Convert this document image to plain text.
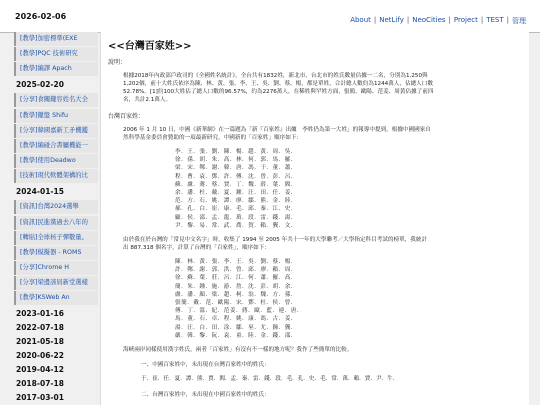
2026-02-06	About | NetLify | NeoCities | Project | TEST | 管理
[教學]加密標準(EXE
[教學]PQC 技術研究
[教學]編譯 Apach
2025-02-20
[分享]食關鍵容姓名大全
[教學]鍵盤 Shifu
[分享]韓國嘉新工矛機鑑
[教學]編碰合書屬機能一
[教學]使用Deadwo
[技術]現代軟體架構的比
2024-01-15
[資訊]台灣2024選舉
[資訊]民進黨過去八年的
[轉貼]全球核子彈數量。
[教學]模擬器 - ROMS
[分享]Chrome H
[分享]梁邊該屆新堂選樣
[教學]KSWeb An
2023-01-16
2022-07-18
2021-05-18
2020-06-22
2019-04-12
2018-07-18
2017-03-01
<<台灣百家姓>>
說明：
根據2018年內政部戶政司的《全國姓名統計》，全台共有1832姓，新北市，台北市的姓氏數量佔據一二名，分別為1,250與
1,202個，前十大姓氏依序為陳、林、黃、張、李、王、吳、劉、蔡、楊，都是單姓，合計總人數約為1244萬人，佔總人口數
52.78%。[1]約100大姓佔了總人口數的96.57%，約為2276萬人，在稀姓與罕姓方面，張簡、歐陽、范姜、周黃佔據了前四
名，共計2.1萬人。
台灣百家姓：
2006 年 1 月 10 日，中國《新華網》在一篇題為「新『百家姓』出爐　李姓仍為第一大姓」的報導中提到，根據中國國家自
然科學基金委員會贊助的一項最新研究，中國新的「百家姓」順序如下：
李．王．張．劉．陳．楊．趙．黃．周．吳．
徐．孫．胡．朱．高．林．何．郭．馬．羅．
梁．宋．鄭．謝．韓．唐．馮．于．董．蕭．
程．曹．袁．鄧．許．傅．沈．曾．彭．呂．
蘇．盧．蔣．蔡．賈．丁．魏．薛．葉．閻．
余．潘．杜．戴．夏．鍾．汪．田．任．姜．
范．方．石．姚．譚．廖．鄒．熊．金．陸．
郝．孔．白．崔．康．毛．邱．秦．江．史．
顧．侯．邵．孟．龍．萬．段．雷．錢．湯．
尹．黎．易．常．武．喬．賀．賴．龔．文．
由於我在於台灣的「常見中文名字」時，收集了 1994 至 2005 年共十一年的大學聯考／大學指定科目考試的榜單，我統計
出 887,318 個名字，計算了台灣的「百家姓」，順序如下：
陳．林．黃．張．李．王．吳．劉．蔡．楊．
許．鄭．謝．郭．洪．曾．邱．廖．賴．周．
徐．蘇．葉．莊．呂．江．何．蕭．羅．高．
簡．朱．鍾．施．游．詹．沈．彭．胡．余．
盧．潘．顏．梁．趙．柯．翁．魏．方．孫．
張簡．戴．范．歐陽．宋．鄧．杜．侯．曾．
傅．丁．溫．紀．范姜．蔣．歐．藍．連．唐．
馬．董．石．卓．程．姚．康．馮．古．姜．
湯．汪．白．田．涂．鄒．巫．尤．鐘．龔．
嚴．韓．黎．阮．袁．童．陸．金．錢．邵．
海峽兩岸同樣使用漢字姓氏，兩者「百家姓」有沒有不一樣的地方呢？我作了些簡單的比較。
一、中國百家姓中，未出現在台灣百家姓中的姓氏：
于．崔．任．夏．譚．熊．賈．閻．孟．秦．雷．錢．段．毛．孔．史．毛．常．萬．賴．賈．尹．牛．
二、台灣百家姓中，未出現在中國百家姓中的姓氏：
